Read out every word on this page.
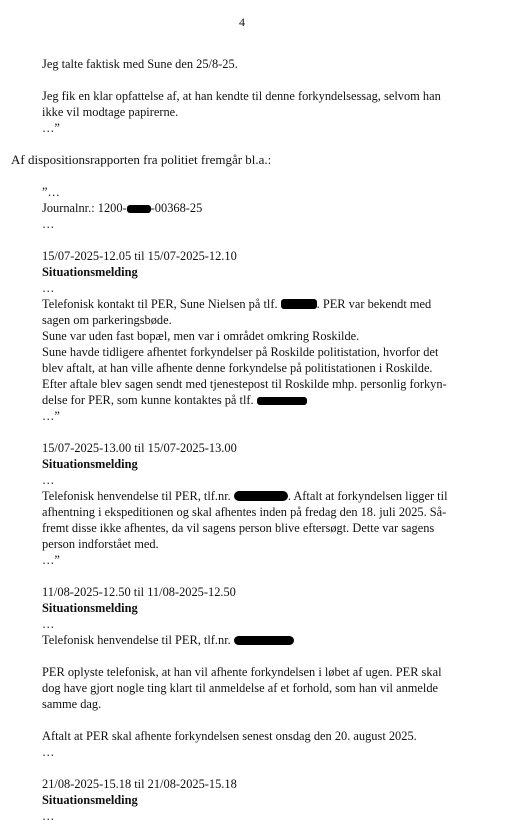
4

Jeg talte faktisk med Sune den 25/8-25.

Jeg fik en klar opfattelse af, at han kendte til denne forkyndelsessag, selvom han

ikke vil modtage papirerne.

…”

Af dispositionsrapporten fra politiet fremgår bl.a.:

”…

Journalnr.: 1200- -00368-25

…

15/07-2025-12.05 til 15/07-2025-12.10

Situationsmelding

…

Telefonisk kontakt til PER, Sune Nielsen på tlf.	. PER var bekendt med

sagen om parkeringsbøde.

Sune var uden fast bopæl, men var i området omkring Roskilde.

Sune havde tidligere afhentet forkyndelser på Roskilde politistation, hvorfor det

blev aftalt, at han ville afhente denne forkyndelse på politistationen i Roskilde.

Efter aftale blev sagen sendt med tjenestepost til Roskilde mhp. personlig forkyn-

delse for PER, som kunne kontaktes på tlf.

…”

15/07-2025-13.00 til 15/07-2025-13.00

Situationsmelding

…

Telefonisk henvendelse til PER, tlf.nr.	. Aftalt at forkyndelsen ligger til

afhentning i ekspeditionen og skal afhentes inden på fredag den 18. juli 2025. Så-

fremt disse ikke afhentes, da vil sagens person blive eftersøgt. Dette var sagens

person indforstået med.

…”

11/08-2025-12.50 til 11/08-2025-12.50

Situationsmelding

…

Telefonisk henvendelse til PER, tlf.nr.

PER oplyste telefonisk, at han vil afhente forkyndelsen i løbet af ugen. PER skal

dog have gjort nogle ting klart til anmeldelse af et forhold, som han vil anmelde

samme dag.

Aftalt at PER skal afhente forkyndelsen senest onsdag den 20. august 2025.

…

21/08-2025-15.18 til 21/08-2025-15.18

Situationsmelding

…
